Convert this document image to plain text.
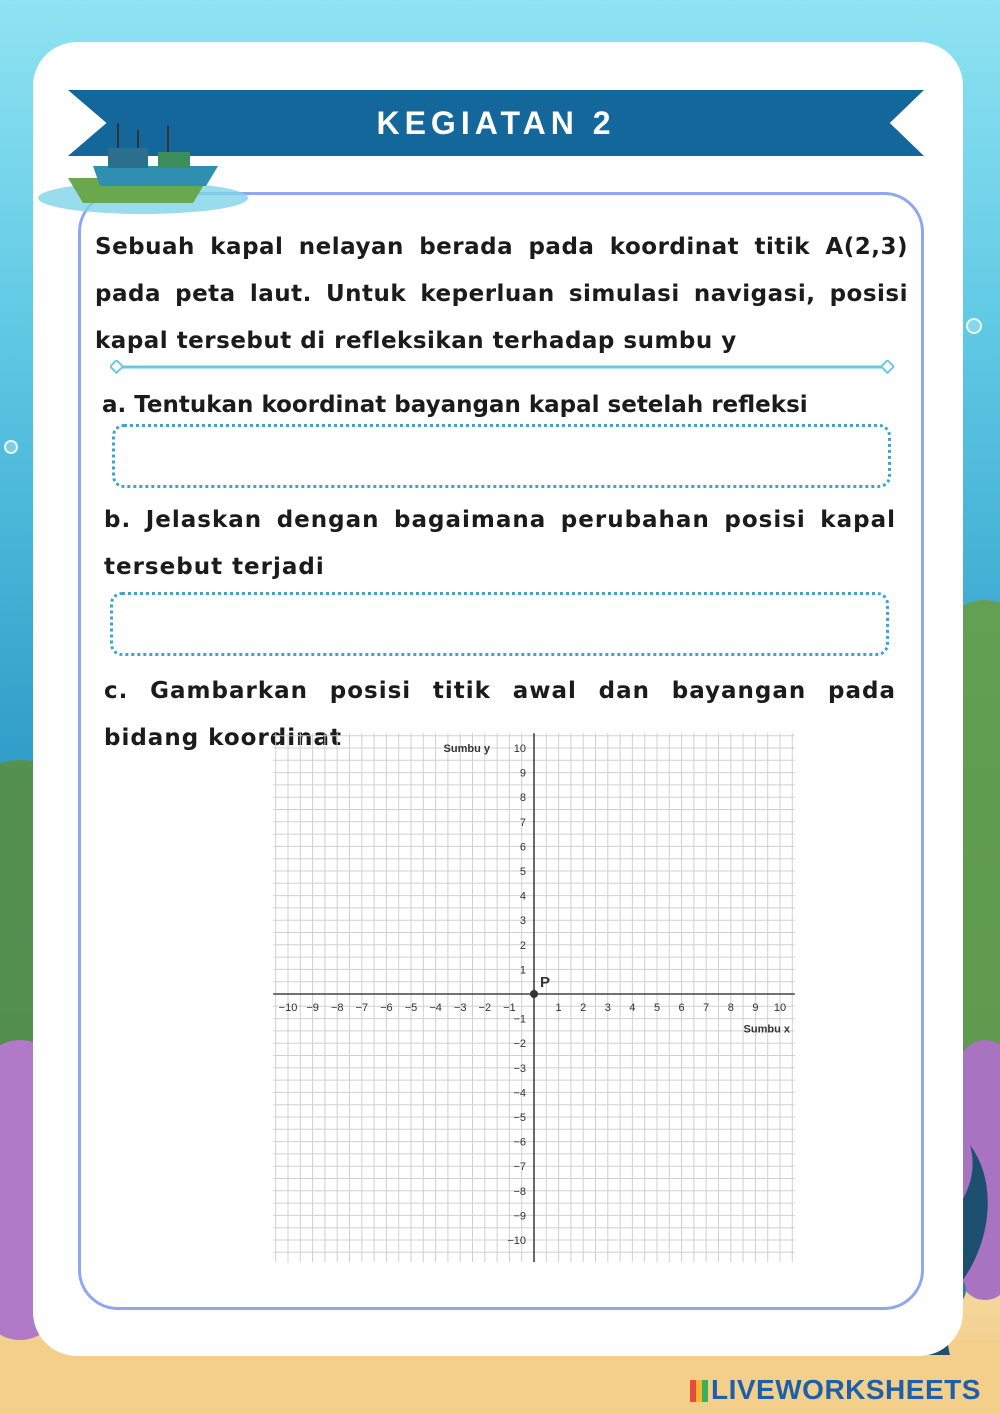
KEGIATAN 2
Sebuah kapal nelayan berada pada koordinat titik A(2,3) pada peta laut. Untuk keperluan simulasi navigasi, posisi kapal tersebut di refleksikan terhadap sumbu y
a. Tentukan koordinat bayangan kapal setelah refleksi
b. Jelaskan dengan bagaimana perubahan posisi kapal tersebut terjadi
c. Gambarkan posisi titik awal dan bayangan pada bidang koordinat
−10 −9 −8 −7 −6 −5 −4 −3 −2 −1	1 2 3 4 5 6 7 8 9 10
−10
−9
−8
−7
−6
−5
−4
−3
−2
−1
1
2
3
4
5
6
7
8
9
10
Sumbu y
Sumbu x
P
LIVEWORKSHEETS
